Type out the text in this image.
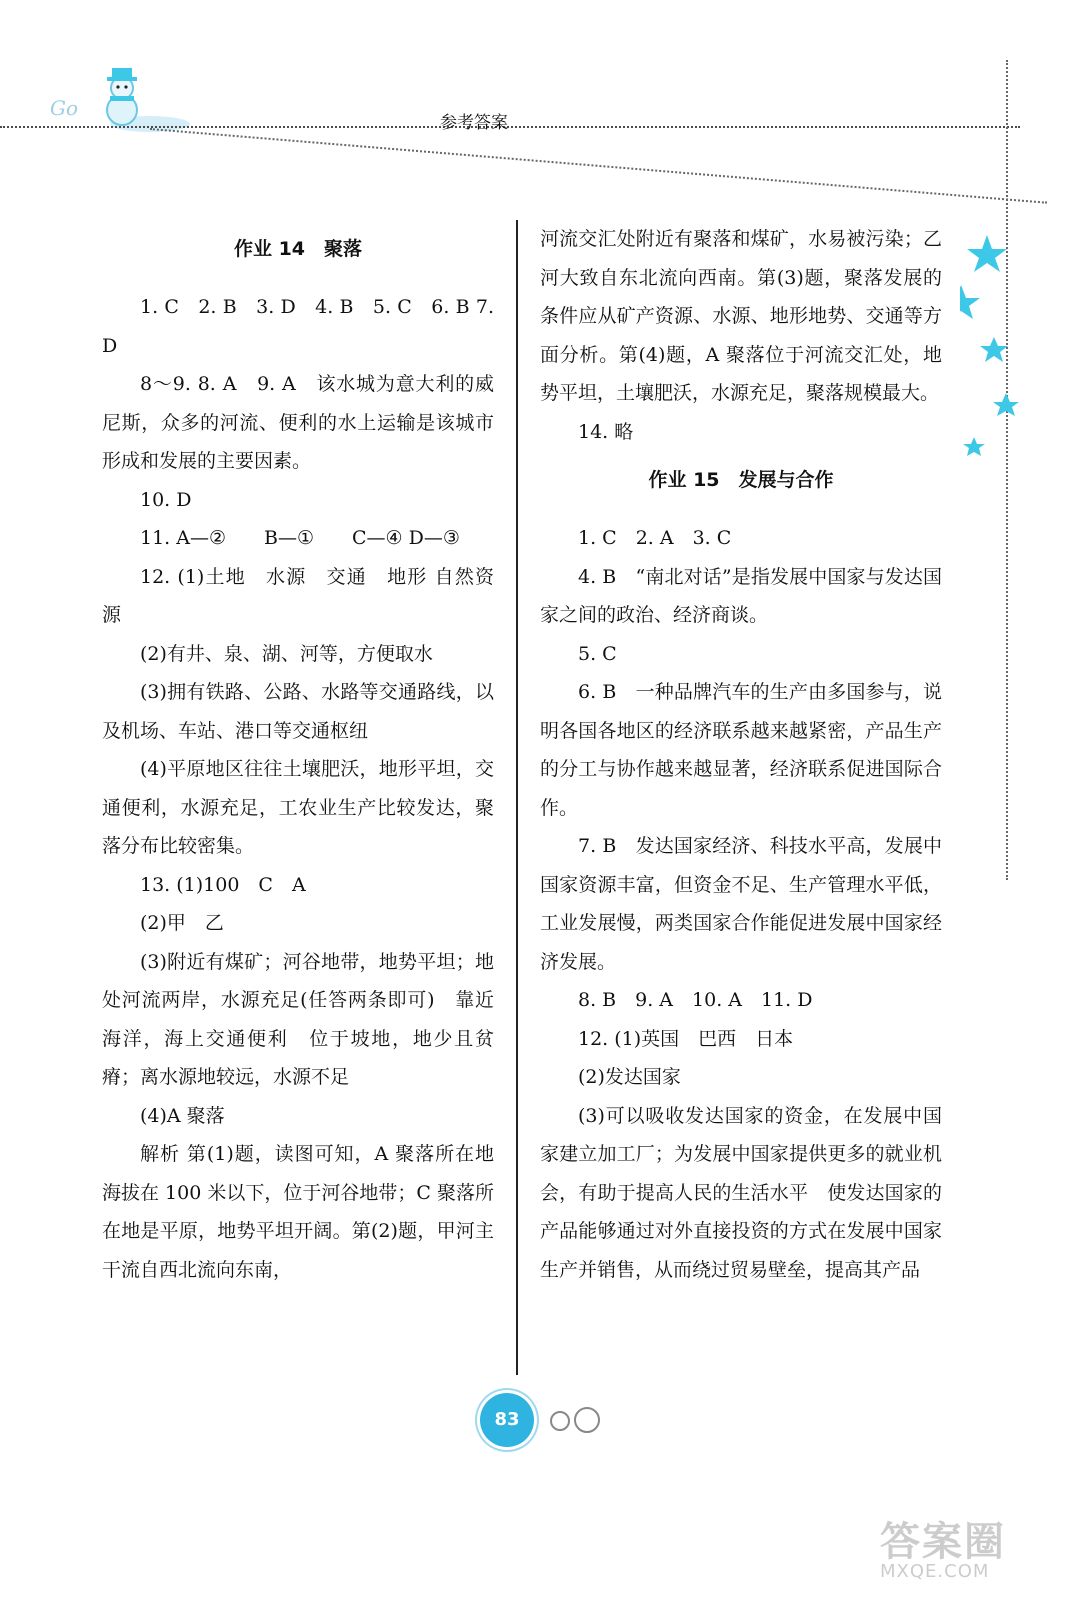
Go
参考答案
作业 14　聚落

1. C　2. B　3. D　4. B　5. C　6. B 7. D

8～9. 8. A　9. A　该水城为意大利的威尼斯，众多的河流、便利的水上运输是该城市形成和发展的主要因素。

10. D

11. A—②　　B—①　　C—④ D—③

12. (1)土地　水源　交通　地形 自然资源

(2)有井、泉、湖、河等，方便取水

(3)拥有铁路、公路、水路等交通路线，以及机场、车站、港口等交通枢纽

(4)平原地区往往土壤肥沃，地形平坦，交通便利，水源充足，工农业生产比较发达，聚落分布比较密集。

13. (1)100　C　A

(2)甲　乙

(3)附近有煤矿；河谷地带，地势平坦；地处河流两岸，水源充足(任答两条即可)　靠近海洋，海上交通便利　位于坡地，地少且贫瘠；离水源地较远，水源不足

(4)A 聚落

解析 第(1)题，读图可知，A 聚落所在地海拔在 100 米以下，位于河谷地带；C 聚落所在地是平原，地势平坦开阔。第(2)题，甲河主干流自西北流向东南，

河流交汇处附近有聚落和煤矿，水易被污染；乙河大致自东北流向西南。第(3)题，聚落发展的条件应从矿产资源、水源、地形地势、交通等方面分析。第(4)题，A 聚落位于河流交汇处，地势平坦，土壤肥沃，水源充足，聚落规模最大。

14. 略

作业 15　发展与合作

1. C　2. A　3. C

4. B　“南北对话”是指发展中国家与发达国家之间的政治、经济商谈。

5. C

6. B　一种品牌汽车的生产由多国参与，说明各国各地区的经济联系越来越紧密，产品生产的分工与协作越来越显著，经济联系促进国际合作。

7. B　发达国家经济、科技水平高，发展中国家资源丰富，但资金不足、生产管理水平低，工业发展慢，两类国家合作能促进发展中国家经济发展。

8. B　9. A　10. A　11. D

12. (1)英国　巴西　日本

(2)发达国家

(3)可以吸收发达国家的资金，在发展中国家建立加工厂；为发展中国家提供更多的就业机会，有助于提高人民的生活水平　使发达国家的产品能够通过对外直接投资的方式在发展中国家生产并销售，从而绕过贸易壁垒，提高其产品

83
答案圈
MXQE.COM
